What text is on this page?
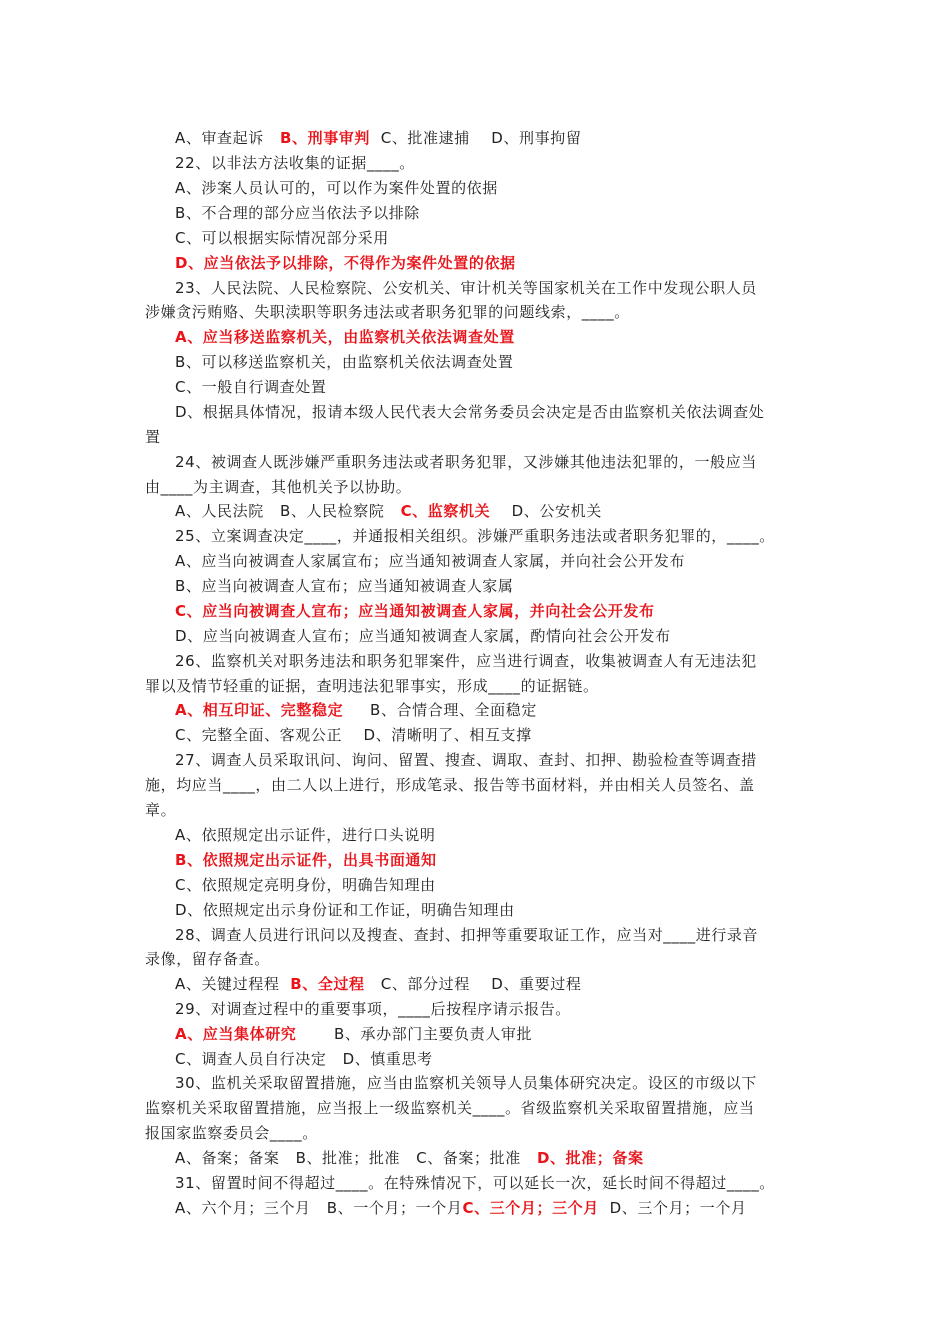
A、审查起诉   B、刑事审判  C、批准逮捕    D、刑事拘留
22、以非法方法收集的证据____。
A、涉案人员认可的，可以作为案件处置的依据
B、不合理的部分应当依法予以排除
C、可以根据实际情况部分采用
D、应当依法予以排除，不得作为案件处置的依据
23、人民法院、人民检察院、公安机关、审计机关等国家机关在工作中发现公职人员
涉嫌贪污贿赂、失职渎职等职务违法或者职务犯罪的问题线索，____。
A、应当移送监察机关，由监察机关依法调查处置
B、可以移送监察机关，由监察机关依法调查处置
C、一般自行调查处置
D、根据具体情况，报请本级人民代表大会常务委员会决定是否由监察机关依法调查处
置
24、被调查人既涉嫌严重职务违法或者职务犯罪，又涉嫌其他违法犯罪的，一般应当
由____为主调查，其他机关予以协助。
A、人民法院   B、人民检察院   C、监察机关    D、公安机关
25、立案调查决定____，并通报相关组织。涉嫌严重职务违法或者职务犯罪的，____。
A、应当向被调查人家属宣布；应当通知被调查人家属，并向社会公开发布
B、应当向被调查人宣布；应当通知被调查人家属
C、应当向被调查人宣布；应当通知被调查人家属，并向社会公开发布
D、应当向被调查人宣布；应当通知被调查人家属，酌情向社会公开发布
26、监察机关对职务违法和职务犯罪案件，应当进行调查，收集被调查人有无违法犯
罪以及情节轻重的证据，查明违法犯罪事实，形成____的证据链。
A、相互印证、完整稳定     B、合情合理、全面稳定
C、完整全面、客观公正    D、清晰明了、相互支撑
27、调查人员采取讯问、询问、留置、搜查、调取、查封、扣押、勘验检查等调查措
施，均应当____，由二人以上进行，形成笔录、报告等书面材料，并由相关人员签名、盖
章。
A、依照规定出示证件，进行口头说明
B、依照规定出示证件，出具书面通知
C、依照规定亮明身份，明确告知理由
D、依照规定出示身份证和工作证，明确告知理由
28、调查人员进行讯问以及搜查、查封、扣押等重要取证工作，应当对____进行录音
录像，留存备查。
A、关键过程程  B、全过程   C、部分过程    D、重要过程
29、对调查过程中的重要事项，____后按程序请示报告。
A、应当集体研究       B、承办部门主要负责人审批
C、调查人员自行决定   D、慎重思考
30、监机关采取留置措施，应当由监察机关领导人员集体研究决定。设区的市级以下
监察机关采取留置措施，应当报上一级监察机关____。省级监察机关采取留置措施，应当
报国家监察委员会____。
A、备案；备案   B、批准；批准   C、备案；批准   D、批准；备案
31、留置时间不得超过____。在特殊情况下，可以延长一次，延长时间不得超过____。
A、六个月；三个月   B、一个月；一个月C、三个月；三个月  D、三个月；一个月
